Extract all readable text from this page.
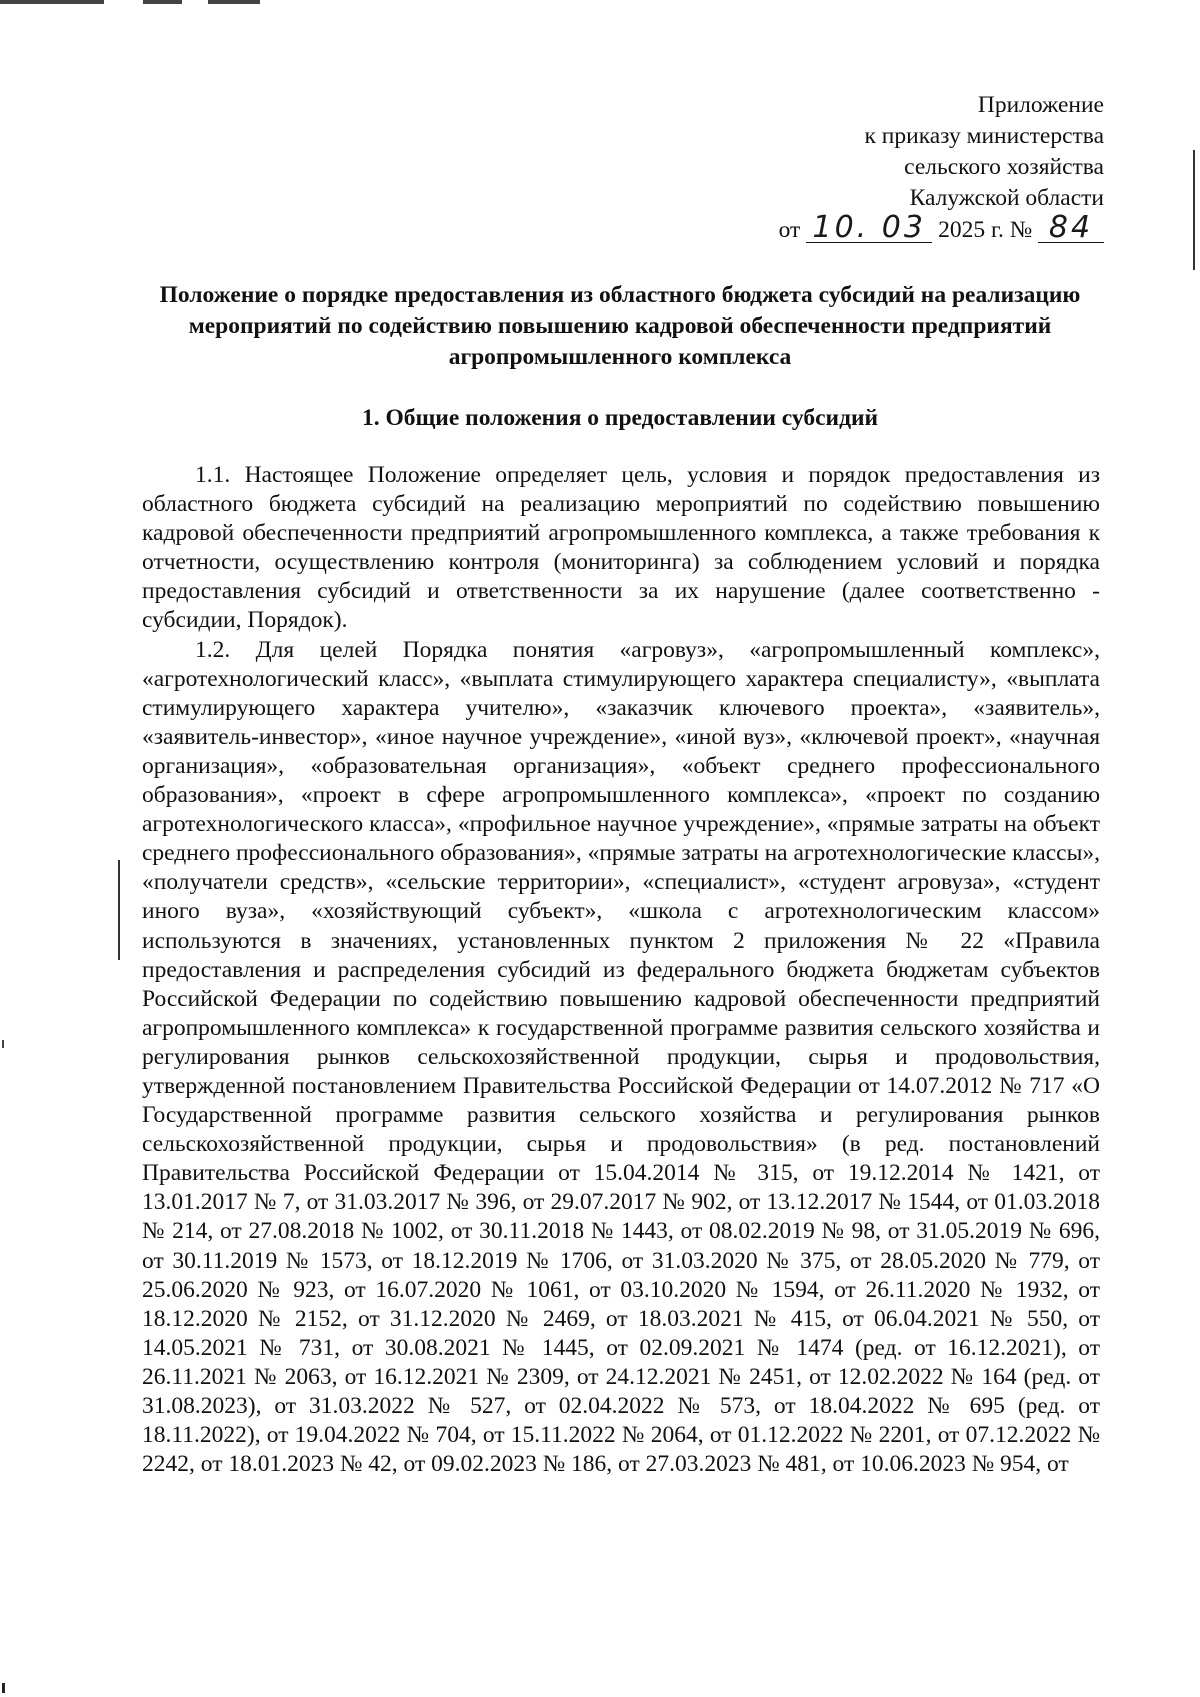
Приложение
к приказу министерства
сельского хозяйства
Калужской области
от 10. 03 2025 г. № 84
Положение о порядке предоставления из областного бюджета субсидий на реализацию мероприятий по содействию повышению кадровой обеспеченности предприятий агропромышленного комплекса
1. Общие положения о предоставлении субсидий

1.1. Настоящее Положение определяет цель, условия и порядок предоставления из областного бюджета субсидий на реализацию мероприятий по содействию повышению кадровой обеспеченности предприятий агропромышленного комплекса, а также требования к отчетности, осуществлению контроля (мониторинга) за соблюдением условий и порядка предоставления субсидий и ответственности за их нарушение (далее соответственно - субсидии, Порядок).

1.2. Для целей Порядка понятия «агровуз», «агропромышленный комплекс», «агротехнологический класс», «выплата стимулирующего характера специалисту», «выплата стимулирующего характера учителю», «заказчик ключевого проекта», «заявитель», «заявитель-инвестор», «иное научное учреждение», «иной вуз», «ключевой проект», «научная организация», «образовательная организация», «объект среднего профессионального образования», «проект в сфере агропромышленного комплекса», «проект по созданию агротехнологического класса», «профильное научное учреждение», «прямые затраты на объект среднего профессионального образования», «прямые затраты на агротехнологические классы», «получатели средств», «сельские территории», «специалист», «студент агровуза», «студент иного вуза», «хозяйствующий субъект», «школа с агротехнологическим классом» используются в значениях, установленных пунктом 2 приложения № 22 «Правила предоставления и распределения субсидий из федерального бюджета бюджетам субъектов Российской Федерации по содействию повышению кадровой обеспеченности предприятий агропромышленного комплекса» к государственной программе развития сельского хозяйства и регулирования рынков сельскохозяйственной продукции, сырья и продовольствия, утвержденной постановлением Правительства Российской Федерации от 14.07.2012 № 717 «О Государственной программе развития сельского хозяйства и регулирования рынков сельскохозяйственной продукции, сырья и продовольствия» (в ред. постановлений Правительства Российской Федерации от 15.04.2014 № 315, от 19.12.2014 № 1421, от 13.01.2017 № 7, от 31.03.2017 № 396, от 29.07.2017 № 902, от 13.12.2017 № 1544, от 01.03.2018 № 214, от 27.08.2018 № 1002, от 30.11.2018 № 1443, от 08.02.2019 № 98, от 31.05.2019 № 696, от 30.11.2019 № 1573, от 18.12.2019 № 1706, от 31.03.2020 № 375, от 28.05.2020 № 779, от 25.06.2020 № 923, от 16.07.2020 № 1061, от 03.10.2020 № 1594, от 26.11.2020 № 1932, от 18.12.2020 № 2152, от 31.12.2020 № 2469, от 18.03.2021 № 415, от 06.04.2021 № 550, от 14.05.2021 № 731, от 30.08.2021 № 1445, от 02.09.2021 № 1474 (ред. от 16.12.2021), от 26.11.2021 № 2063, от 16.12.2021 № 2309, от 24.12.2021 № 2451, от 12.02.2022 № 164 (ред. от 31.08.2023), от 31.03.2022 № 527, от 02.04.2022 № 573, от 18.04.2022 № 695 (ред. от 18.11.2022), от 19.04.2022 № 704, от 15.11.2022 № 2064, от 01.12.2022 № 2201, от 07.12.2022 № 2242, от 18.01.2023 № 42, от 09.02.2023 № 186, от 27.03.2023 № 481, от 10.06.2023 № 954, от
